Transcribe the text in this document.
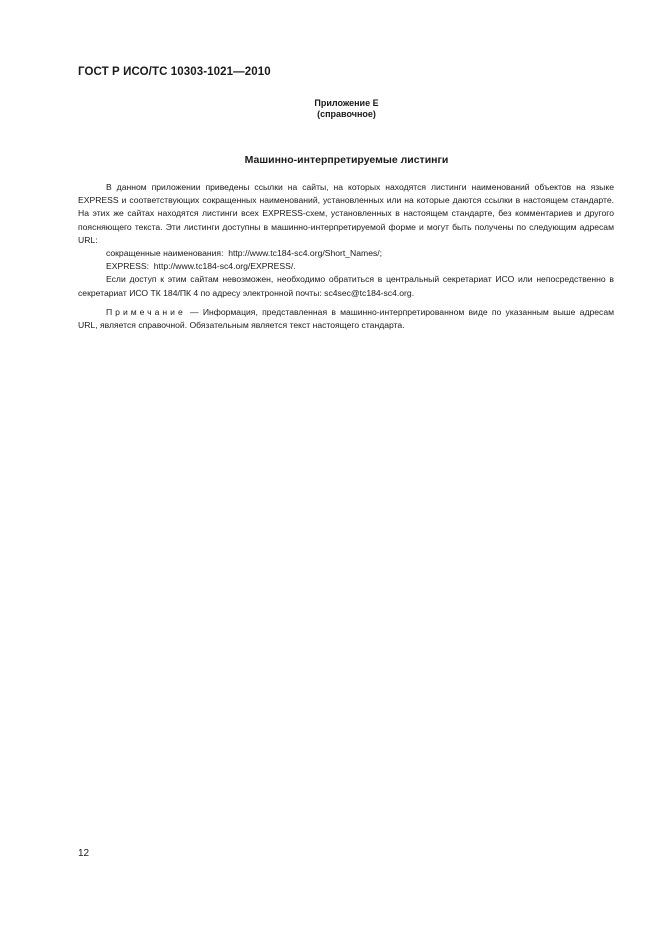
ГОСТ Р ИСО/ТС 10303-1021—2010
Приложение Е
(справочное)
Машинно-интерпретируемые листинги

В данном приложении приведены ссылки на сайты, на которых находятся листинги наименований объектов на языке EXPRESS и соответствующих сокращенных наименований, установленных или на которые даются ссылки в настоящем стандарте. На этих же сайтах находятся листинги всех EXPRESS-схем, установленных в настоящем стандарте, без комментариев и другого поясняющего текста. Эти листинги доступны в машинно-интерпретируемой форме и могут быть получены по следующим адресам URL:

сокращенные наименования: http://www.tc184-sc4.org/Short_Names/;

EXPRESS: http://www.tc184-sc4.org/EXPRESS/.

Если доступ к этим сайтам невозможен, необходимо обратиться в центральный секретариат ИСО или непосредственно в секретариат ИСО ТК 184/ПК 4 по адресу электронной почты: sc4sec@tc184-sc4.org.

Примечание — Информация, представленная в машинно-интерпретированном виде по указанным выше адресам URL, является справочной. Обязательным является текст настоящего стандарта.

12
